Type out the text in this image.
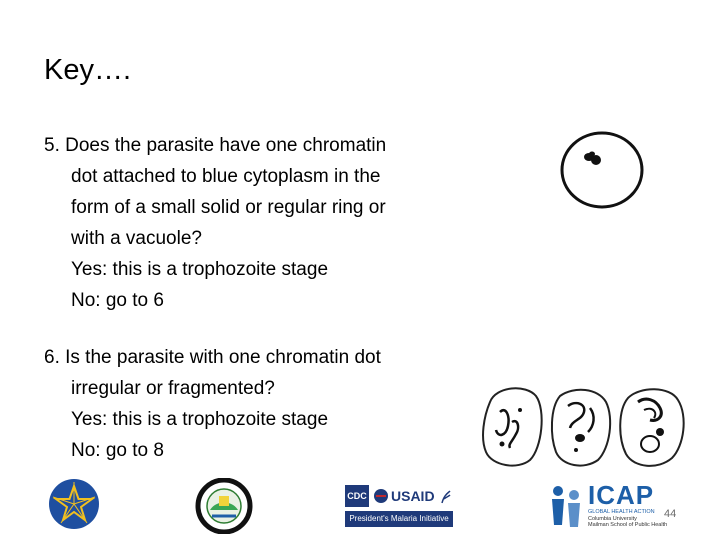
Key….
5. Does the parasite have one chromatin
dot attached to blue cytoplasm in the
form of a small solid or regular ring or
with a vacuole?
Yes: this is a trophozoite stage
No: go to 6
6. Is the parasite with one chromatin dot
irregular or fragmented?
Yes: this is a trophozoite stage
No: go to 8
CDC USAID
President's Malaria Initiative
ICAP
GLOBAL HEALTH ACTION
Columbia University
Mailman School of Public Health
44
